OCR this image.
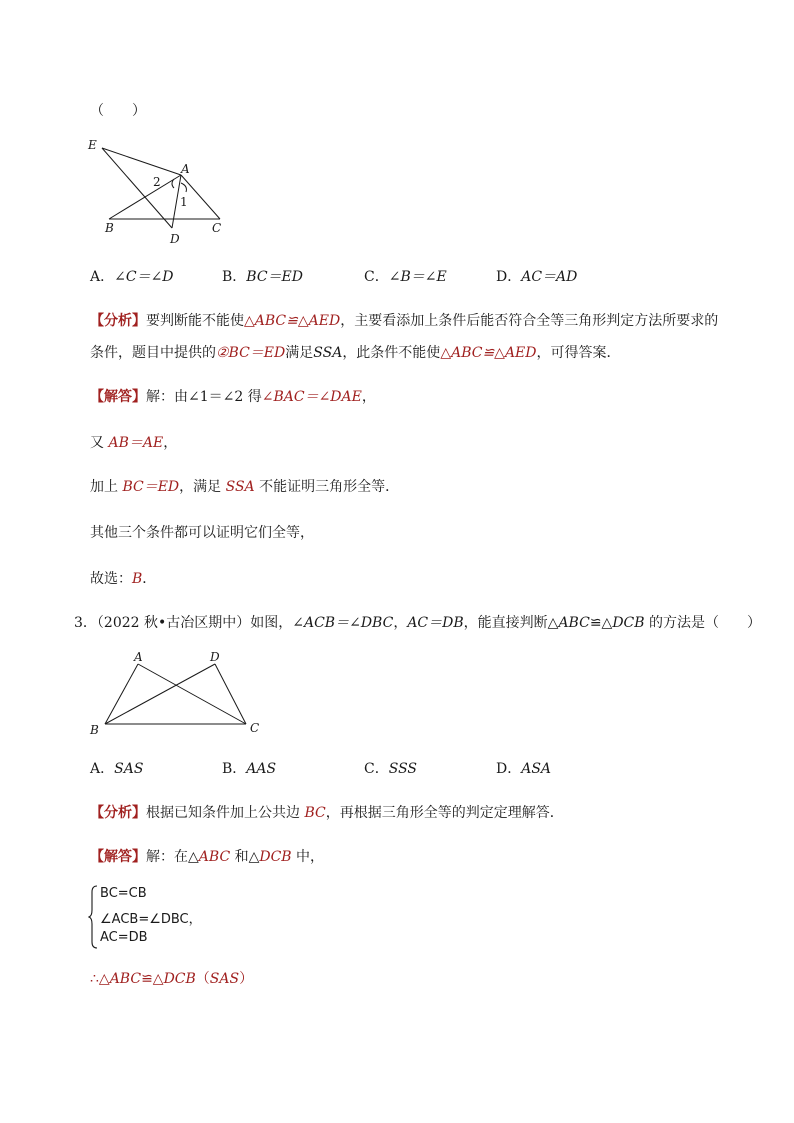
（　　）
E
A
B
D
C
1
2
A．∠C＝∠D	B．BC＝ED	C．∠B＝∠E	D．AC＝AD
【分析】要判断能不能使△ABC≌△AED，主要看添加上条件后能否符合全等三角形判定方法所要求的
条件，题目中提供的②BC＝ED满足SSA，此条件不能使△ABC≌△AED，可得答案．
【解答】解：由∠1＝∠2 得∠BAC＝∠DAE，
又 AB＝AE，
加上 BC＝ED，满足 SSA 不能证明三角形全等．
其他三个条件都可以证明它们全等，
故选：B．
3．（2022 秋•古冶区期中）如图，∠ACB＝∠DBC，AC＝DB，能直接判断△ABC≌△DCB 的方法是（　　）
A	D
B	C
A．SAS	B．AAS	C．SSS	D．ASA
【分析】根据已知条件加上公共边 BC，再根据三角形全等的判定定理解答．
【解答】解：在△ABC 和△DCB 中，
BC=CB
∠ACB=∠DBC，
AC=DB
∴△ABC≌△DCB（SAS）
